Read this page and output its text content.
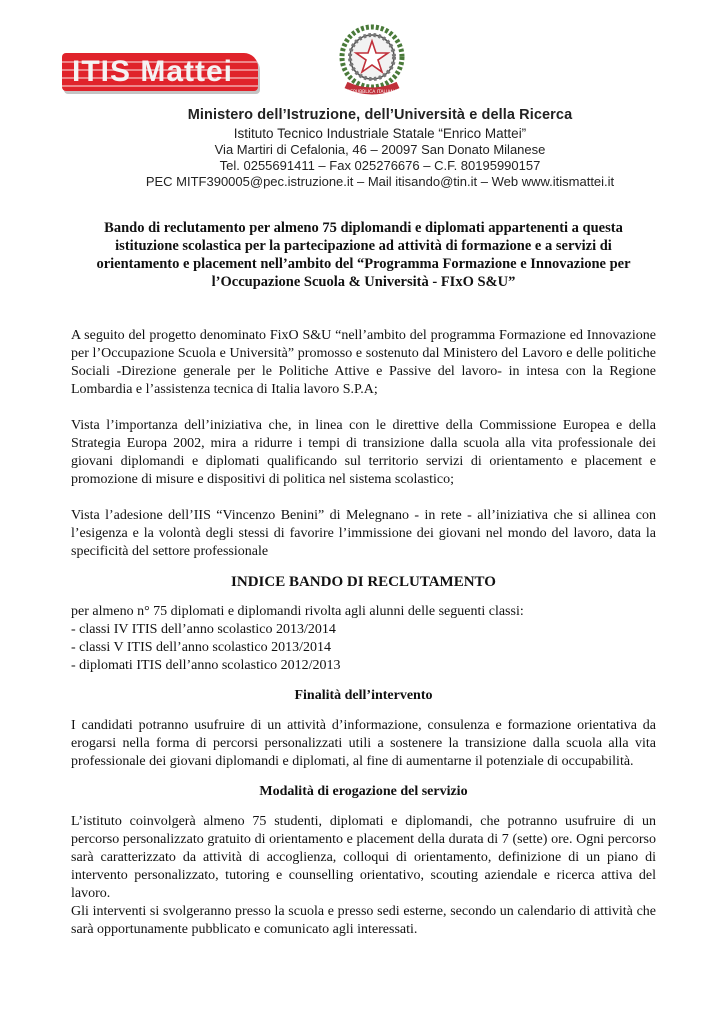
ITIS Mattei
REPUBBLICA ITALIANA
Ministero dell’Istruzione, dell’Università e della Ricerca
Istituto Tecnico Industriale Statale “Enrico Mattei”
Via Martiri di Cefalonia, 46 – 20097 San Donato Milanese
Tel. 0255691411 – Fax 025276676 – C.F. 80195990157
PEC MITF390005@pec.istruzione.it – Mail itisando@tin.it – Web www.itismattei.it
Bando di reclutamento per almeno 75 diplomandi e diplomati appartenenti a questa istituzione scolastica per la partecipazione ad attività di formazione e a servizi di orientamento e placement nell’ambito del “Programma Formazione e Innovazione per l’Occupazione Scuola & Università - FIxO S&U”

A seguito del progetto denominato FixO S&U “nell’ambito del programma Formazione ed Innovazione per l’Occupazione Scuola e Università” promosso e sostenuto dal Ministero del Lavoro e delle politiche Sociali -Direzione generale per le Politiche Attive e Passive del lavoro- in intesa con la Regione Lombardia e l’assistenza tecnica di Italia lavoro S.P.A;

Vista l’importanza dell’iniziativa che, in linea con le direttive della Commissione Europea e della Strategia Europa 2002, mira a ridurre i tempi di transizione dalla scuola alla vita professionale dei giovani diplomandi e diplomati qualificando sul territorio servizi di orientamento e placement e promozione di misure e dispositivi di politica nel sistema scolastico;

Vista l’adesione dell’IIS “Vincenzo Benini” di Melegnano - in rete - all’iniziativa che si allinea con l’esigenza e la volontà degli stessi di favorire l’immissione dei giovani nel mondo del lavoro, data la specificità del settore professionale

INDICE BANDO DI RECLUTAMENTO
per almeno n° 75 diplomati e diplomandi rivolta agli alunni delle seguenti classi:
- classi IV ITIS dell’anno scolastico 2013/2014
- classi V ITIS dell’anno scolastico 2013/2014
- diplomati ITIS dell’anno scolastico 2012/2013
Finalità dell’intervento

I candidati potranno usufruire di un attività d’informazione, consulenza e formazione orientativa da erogarsi nella forma di percorsi personalizzati utili a sostenere la transizione dalla scuola alla vita professionale dei giovani diplomandi e diplomati, al fine di aumentarne il potenziale di occupabilità.

Modalità di erogazione del servizio

L’istituto coinvolgerà almeno 75 studenti, diplomati e diplomandi, che potranno usufruire di un percorso personalizzato gratuito di orientamento e placement della durata di 7 (sette) ore. Ogni percorso sarà caratterizzato da attività di accoglienza, colloqui di orientamento, definizione di un piano di intervento personalizzato, tutoring e counselling orientativo, scouting aziendale e ricerca attiva del lavoro.

Gli interventi si svolgeranno presso la scuola e presso sedi esterne, secondo un calendario di attività che sarà opportunamente pubblicato e comunicato agli interessati.
